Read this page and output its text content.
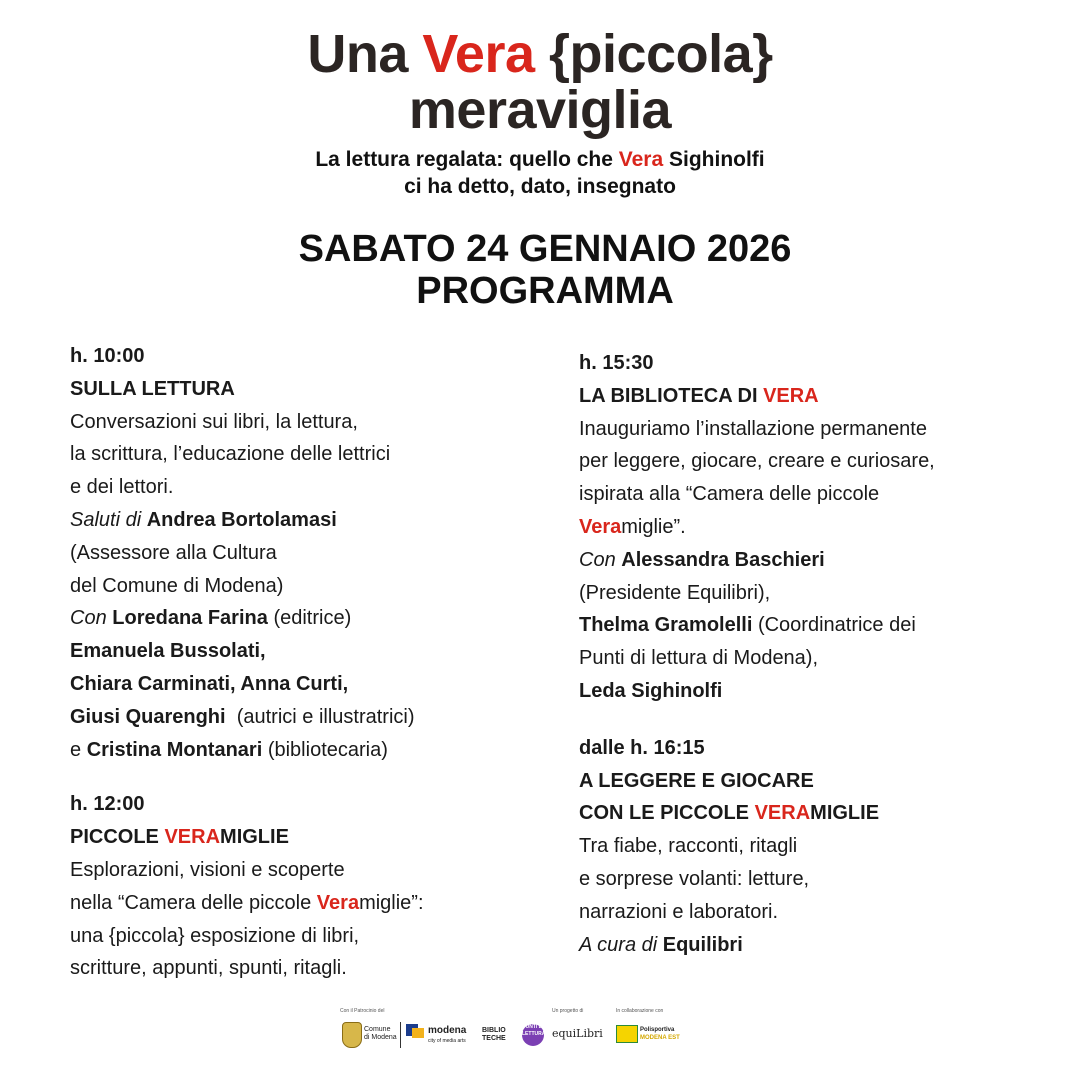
Una Vera {piccola}
meraviglia
La lettura regalata: quello che Vera Sighinolfi
ci ha detto, dato, insegnato
SABATO 24 GENNAIO 2026
PROGRAMMA
h. 10:00
SULLA LETTURA
Conversazioni sui libri, la lettura,
la scrittura, l’educazione delle lettrici
e dei lettori.
Saluti di Andrea Bortolamasi
(Assessore alla Cultura
del Comune di Modena)
Con Loredana Farina (editrice)
Emanuela Bussolati,
Chiara Carminati, Anna Curti,
Giusi Quarenghi (autrici e illustratrici)
e Cristina Montanari (bibliotecaria)
h. 12:00
PICCOLE VERAMIGLIE
Esplorazioni, visioni e scoperte
nella “Camera delle piccole Veramiglie”:
una {piccola} esposizione di libri,
scritture, appunti, spunti, ritagli.
h. 15:30
LA BIBLIOTECA DI VERA
Inauguriamo l’installazione permanente
per leggere, giocare, creare e curiosare,
ispirata alla “Camera delle piccole
Veramiglie”.
Con Alessandra Baschieri
(Presidente Equilibri),
Thelma Gramolelli (Coordinatrice dei
Punti di lettura di Modena),
Leda Sighinolfi
dalle h. 16:15
A LEGGERE E GIOCARE
CON LE PICCOLE VERAMIGLIE
Tra fiabe, racconti, ritagli
e sorprese volanti: letture,
narrazioni e laboratori.
A cura di Equilibri
Con il Patrocinio del
Comune
di Modena
modena
city of media arts
BIBLIO
TECHE
PUNTI DI LETTURA
Un progetto di
equiLibri
In collaborazione con
Polisportiva
MODENA EST
